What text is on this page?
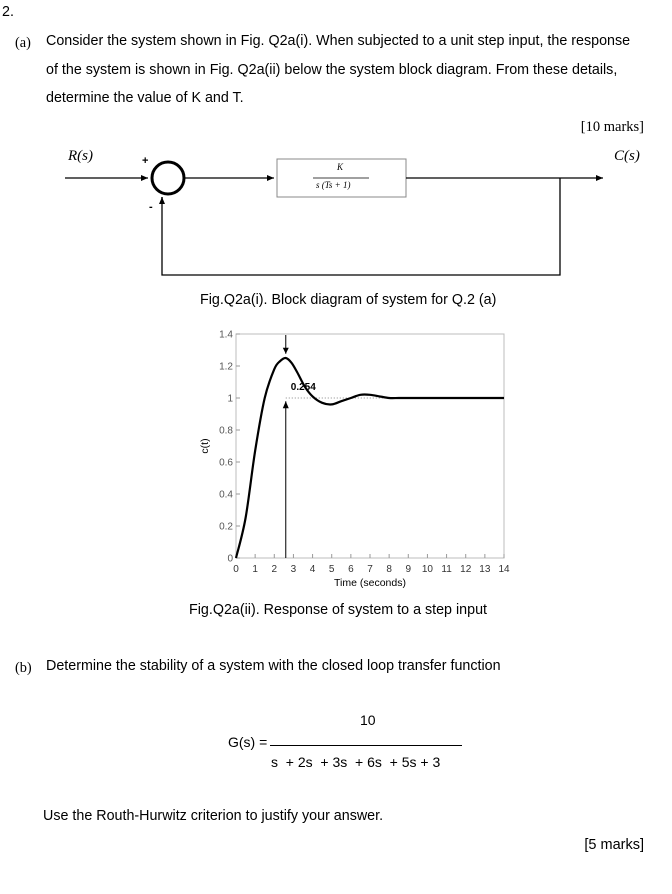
2.
(a) Consider the system shown in Fig. Q2a(i). When subjected to a unit step input, the response
of the system is shown in Fig. Q2a(ii) below the system block diagram. From these details,
determine the value of K and T.
[10 marks]
R(s)	C(s)
+
-
K
s (Ts + 1)
Fig.Q2a(i). Block diagram of system for Q.2 (a)
0
0.2
0.4
0.6
0.8
1
1.2
1.4
0 1 2 3 4 5 6 7 8 9 10 11 12 13 14
Time (seconds)
c(t)
0.254
Fig.Q2a(ii). Response of system to a step input
(b) Determine the stability of a system with the closed loop transfer function
G(s) =
10
s  + 2s  + 3s  + 6s  + 5s + 3
Use the Routh-Hurwitz criterion to justify your answer.
[5 marks]
